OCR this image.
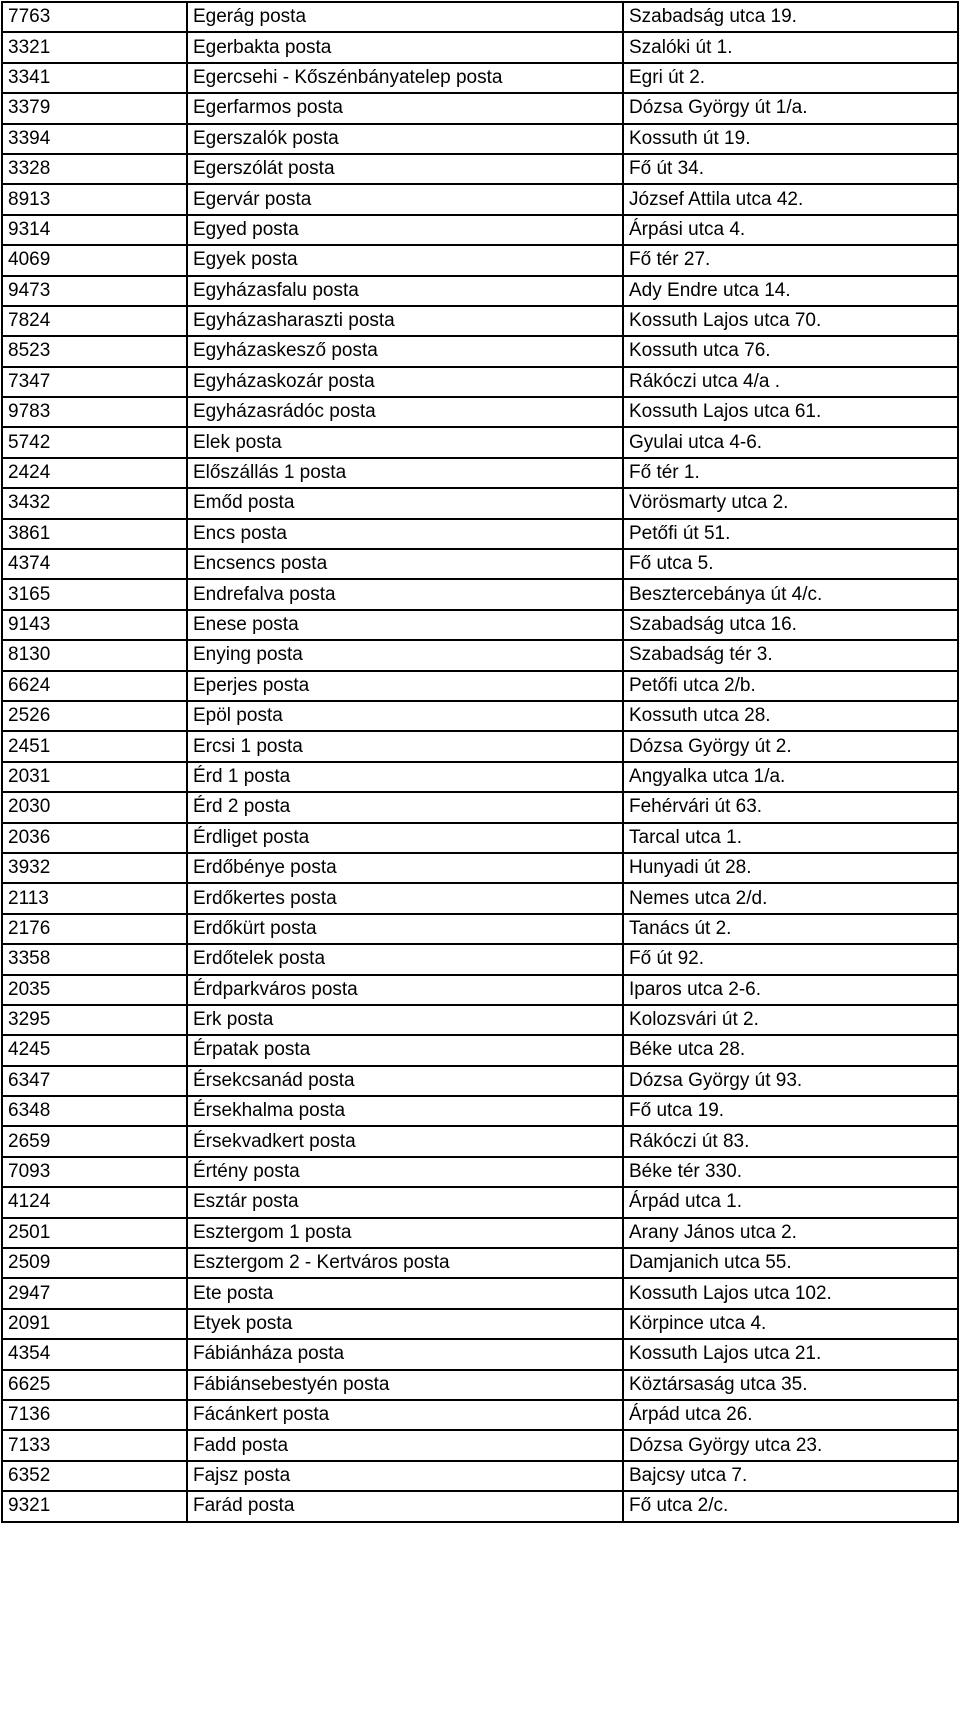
7763	Egerág posta	Szabadság utca 19.
3321	Egerbakta posta	Szalóki út 1.
3341	Egercsehi - Kőszénbányatelep posta	Egri út 2.
3379	Egerfarmos posta	Dózsa György út 1/a.
3394	Egerszalók posta	Kossuth út 19.
3328	Egerszólát posta	Fő út 34.
8913	Egervár posta	József Attila utca 42.
9314	Egyed posta	Árpási utca 4.
4069	Egyek posta	Fő tér 27.
9473	Egyházasfalu posta	Ady Endre utca 14.
7824	Egyházasharaszti posta	Kossuth Lajos utca 70.
8523	Egyházaskesző posta	Kossuth utca 76.
7347	Egyházaskozár posta	Rákóczi utca 4/a .
9783	Egyházasrádóc posta	Kossuth Lajos utca 61.
5742	Elek posta	Gyulai utca 4-6.
2424	Előszállás 1 posta	Fő tér 1.
3432	Emőd posta	Vörösmarty utca 2.
3861	Encs posta	Petőfi út 51.
4374	Encsencs posta	Fő utca 5.
3165	Endrefalva posta	Besztercebánya út 4/c.
9143	Enese posta	Szabadság utca 16.
8130	Enying posta	Szabadság tér 3.
6624	Eperjes posta	Petőfi utca 2/b.
2526	Epöl posta	Kossuth utca 28.
2451	Ercsi 1 posta	Dózsa György út 2.
2031	Érd 1 posta	Angyalka utca 1/a.
2030	Érd 2 posta	Fehérvári út 63.
2036	Érdliget posta	Tarcal utca 1.
3932	Erdőbénye posta	Hunyadi út 28.
2113	Erdőkertes posta	Nemes utca 2/d.
2176	Erdőkürt posta	Tanács út 2.
3358	Erdőtelek posta	Fő út 92.
2035	Érdparkváros posta	Iparos utca 2-6.
3295	Erk posta	Kolozsvári út 2.
4245	Érpatak posta	Béke utca 28.
6347	Érsekcsanád posta	Dózsa György út 93.
6348	Érsekhalma posta	Fő utca 19.
2659	Érsekvadkert posta	Rákóczi út 83.
7093	Értény posta	Béke tér 330.
4124	Esztár posta	Árpád utca 1.
2501	Esztergom 1 posta	Arany János utca 2.
2509	Esztergom 2 - Kertváros posta	Damjanich utca 55.
2947	Ete posta	Kossuth Lajos utca 102.
2091	Etyek posta	Körpince utca 4.
4354	Fábiánháza posta	Kossuth Lajos utca 21.
6625	Fábiánsebestyén posta	Köztársaság utca 35.
7136	Fácánkert posta	Árpád utca 26.
7133	Fadd posta	Dózsa György utca 23.
6352	Fajsz posta	Bajcsy utca 7.
9321	Farád posta	Fő utca 2/c.
